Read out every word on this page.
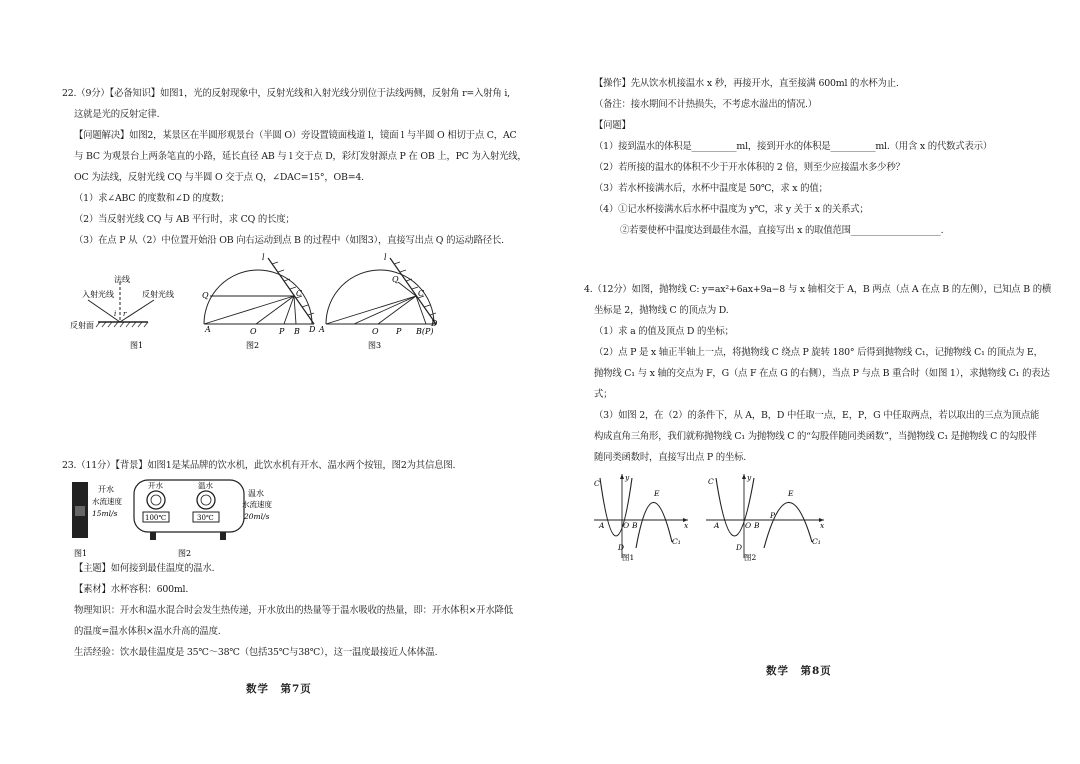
22.（9分）【必备知识】如图1，光的反射现象中，反射光线和入射光线分别位于法线两侧，反射角 r=入射角 i,
这就是光的反射定律.
【问题解决】如图2，某景区在半圆形观景台（半圆 O）旁设置镜面栈道 l，镜面 l 与半圆 O 相切于点 C，AC
与 BC 为观景台上两条笔直的小路，延长直径 AB 与 l 交于点 D，彩灯发射源点 P 在 OB 上，PC 为入射光线，
OC 为法线，反射光线 CQ 与半圆 O 交于点 Q，∠DAC=15°，OB=4.
（1）求∠ABC 的度数和∠D 的度数；
（2）当反射光线 CQ 与 AB 平行时，求 CQ 的长度；
（3）在点 P 从（2）中位置开始沿 OB 向右运动到点 B 的过程中（如图3），直接写出点 Q 的运动路径长.
法线
入射光线	反射光线
反射面
i r
图1
A	O	P B D
Q	C
l
图2
A	O P B(P)
D
Q
C
l
图3
23.（11分）【背景】如图1是某品牌的饮水机，此饮水机有开水、温水两个按钮，图2为其信息图.
图1
开水
水流速度
15ml/s
开水
100℃
温水
30℃
温水
水流速度
20ml/s
图2
【主题】如何接到最佳温度的温水.
【素材】水杯容积：600ml.
物理知识：开水和温水混合时会发生热传递，开水放出的热量等于温水吸收的热量，即：开水体积×开水降低
的温度=温水体积×温水升高的温度.
生活经验：饮水最佳温度是 35℃～38℃（包括35℃与38℃），这一温度最接近人体体温.
数学　第7页
【操作】先从饮水机接温水 x 秒，再接开水，直至接满 600ml 的水杯为止.
（备注：接水期间不计热损失，不考虑水溢出的情况.）
【问题】
（1）接到温水的体积是__________ml，接到开水的体积是__________ml.（用含 x 的代数式表示）
（2）若所接的温水的体积不少于开水体积的 2 倍，则至少应接温水多少秒？
（3）若水杯接满水后，水杯中温度是 50℃，求 x 的值；
（4）①记水杯接满水后水杯中温度为 y℃，求 y 关于 x 的关系式；
②若要使杯中温度达到最佳水温，直接写出 x 的取值范围____________________.
4.（12分）如图，抛物线 C: y=ax²+6ax+9a−8 与 x 轴相交于 A，B 两点（点 A 在点 B 的左侧），已知点 B 的横
坐标是 2，抛物线 C 的顶点为 D.
（1）求 a 的值及顶点 D 的坐标；
（2）点 P 是 x 轴正半轴上一点，将抛物线 C 绕点 P 旋转 180° 后得到抛物线 C₁，记抛物线 C₁ 的顶点为 E，
抛物线 C₁ 与 x 轴的交点为 F，G（点 F 在点 G 的右侧），当点 P 与点 B 重合时（如图 1），求抛物线 C₁ 的表达
式；
（3）如图 2，在（2）的条件下，从 A，B，D 中任取一点，E，P，G 中任取两点，若以取出的三点为顶点能
构成直角三角形，我们就称抛物线 C₁ 为抛物线 C 的“勾股伴随同类函数”，当抛物线 C₁ 是抛物线 C 的勾股伴
随同类函数时，直接写出点 P 的坐标.
C
y
E
A O B	x
D
C₁
图1
C	y
E
A	O B
P
x
D
C₁
图2
数学　第8页
